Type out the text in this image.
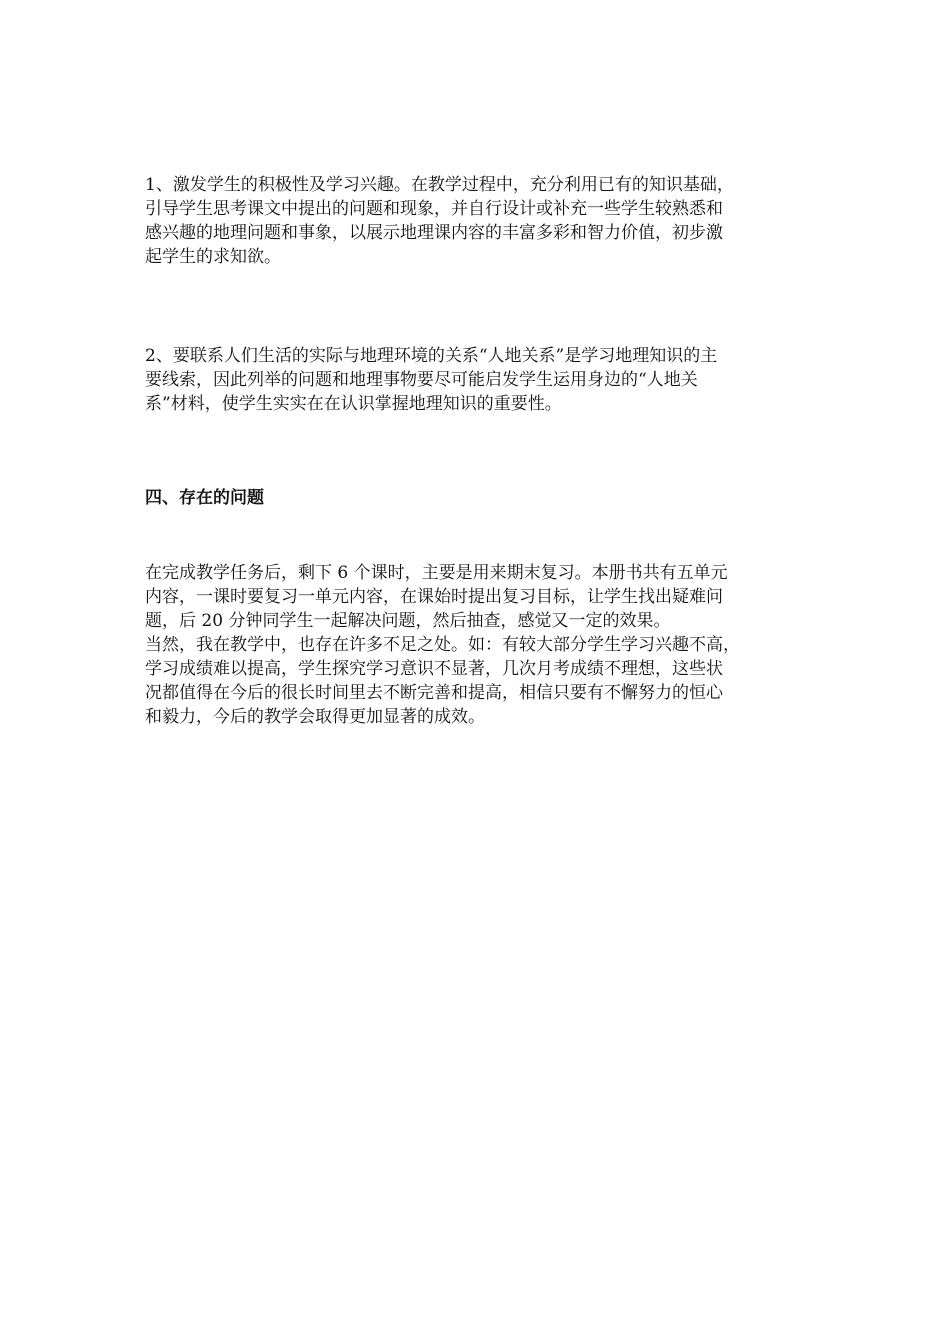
1、激发学生的积极性及学习兴趣。在教学过程中，充分利用已有的知识基础，
引导学生思考课文中提出的问题和现象，并自行设计或补充一些学生较熟悉和
感兴趣的地理问题和事象，以展示地理课内容的丰富多彩和智力价值，初步激
起学生的求知欲。

2、要联系人们生活的实际与地理环境的关系“人地关系”是学习地理知识的主
要线索，因此列举的问题和地理事物要尽可能启发学生运用身边的“人地关
系”材料，使学生实实在在认识掌握地理知识的重要性。

四、存在的问题

在完成教学任务后，剩下 6 个课时，主要是用来期末复习。本册书共有五单元
内容，一课时要复习一单元内容，在课始时提出复习目标，让学生找出疑难问
题，后 20 分钟同学生一起解决问题，然后抽查，感觉又一定的效果。

当然，我在教学中，也存在许多不足之处。如：有较大部分学生学习兴趣不高，
学习成绩难以提高，学生探究学习意识不显著，几次月考成绩不理想，这些状
况都值得在今后的很长时间里去不断完善和提高，相信只要有不懈努力的恒心
和毅力，今后的教学会取得更加显著的成效。
